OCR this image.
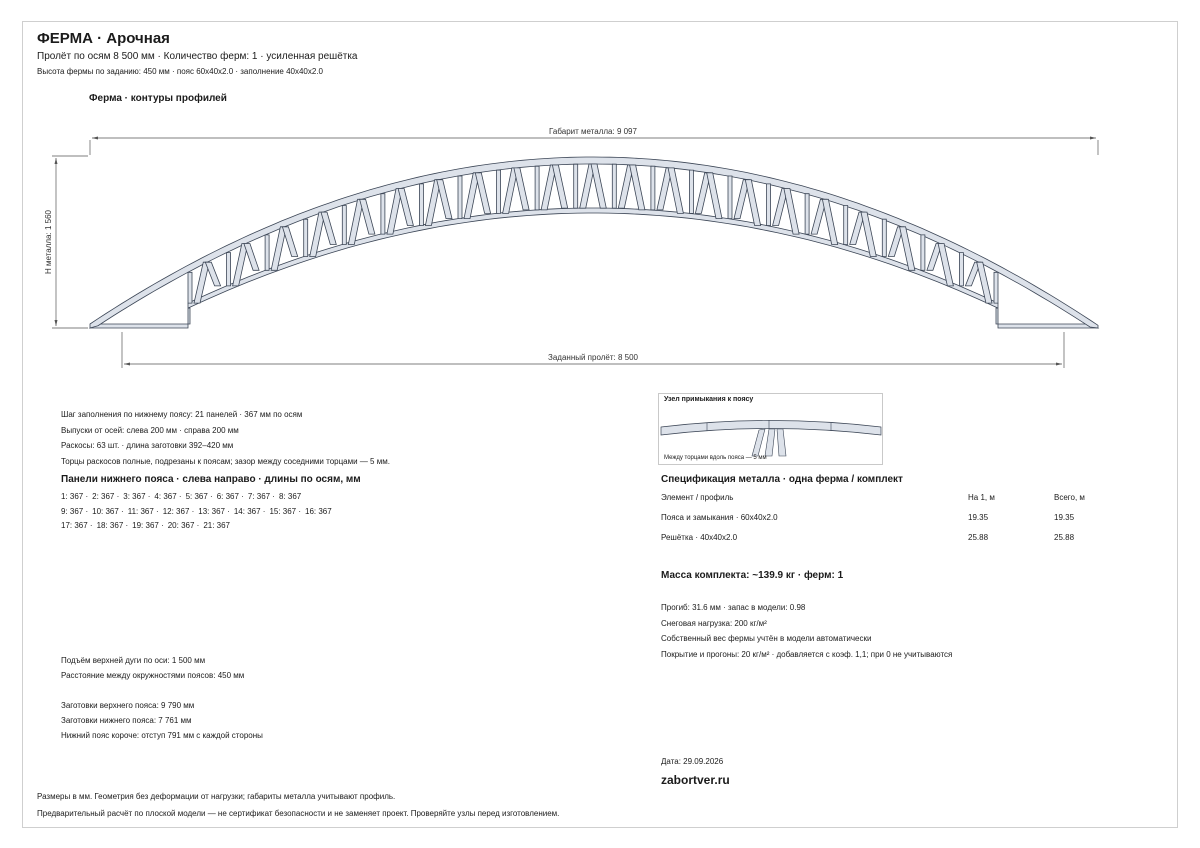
ФЕРМА · Арочная
Пролёт по осям 8 500 мм · Количество ферм: 1 · усиленная решётка
Высота фермы по заданию: 450 мм · пояс 60x40x2.0 · заполнение 40x40x2.0
Ферма · контуры профилей
Габарит металла: 9 097
Н металла: 1 560
Заданный пролёт: 8 500
Шаг заполнения по нижнему поясу: 21 панелей · 367 мм по осям
Выпуски от осей: слева 200 мм · справа 200 мм
Раскосы: 63 шт. · длина заготовки 392–420 мм
Торцы раскосов полные, подрезаны к поясам; зазор между соседними торцами — 5 мм.
Панели нижнего пояса · слева направо · длины по осям, мм
1: 367 · 2: 367 · 3: 367 · 4: 367 · 5: 367 · 6: 367 · 7: 367 · 8: 367
9: 367 · 10: 367 · 11: 367 · 12: 367 · 13: 367 · 14: 367 · 15: 367 · 16: 367
17: 367 · 18: 367 · 19: 367 · 20: 367 · 21: 367
Подъём верхней дуги по оси: 1 500 мм
Расстояние между окружностями поясов: 450 мм
Заготовки верхнего пояса: 9 790 мм
Заготовки нижнего пояса: 7 761 мм
Нижний пояс короче: отступ 791 мм с каждой стороны
Узел примыкания к поясу
Между торцами вдоль пояса — 5 мм
Спецификация металла · одна ферма / комплект
Элемент / профиль	На 1, м	Всего, м
Пояса и замыкания · 60x40x2.0	19.35	19.35
Решётка · 40x40x2.0	25.88	25.88
Масса комплекта: ~139.9 кг · ферм: 1
Прогиб: 31.6 мм · запас в модели: 0.98
Снеговая нагрузка: 200 кг/м²
Собственный вес фермы учтён в модели автоматически
Покрытие и прогоны: 20 кг/м² · добавляется с коэф. 1,1; при 0 не учитываются
Дата: 29.09.2026
zabortver.ru
Размеры в мм. Геометрия без деформации от нагрузки; габариты металла учитывают профиль.
Предварительный расчёт по плоской модели — не сертификат безопасности и не заменяет проект. Проверяйте узлы перед изготовлением.
